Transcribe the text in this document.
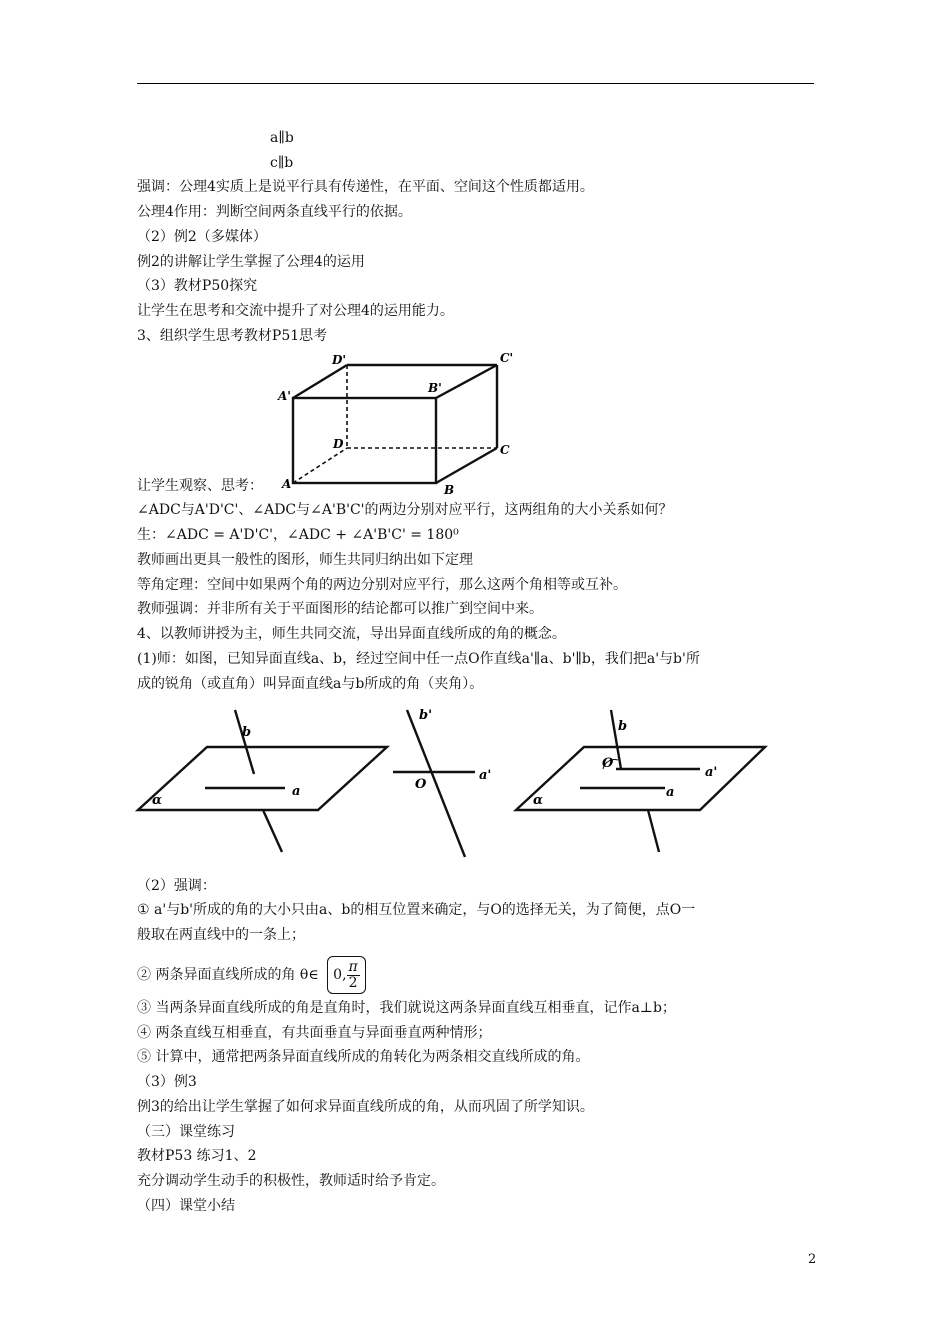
a∥b
c∥b
强调：公理4实质上是说平行具有传递性，在平面、空间这个性质都适用。
公理4作用：判断空间两条直线平行的依据。
（2）例2（多媒体）
例2的讲解让学生掌握了公理4的运用
（3）教材P50探究
让学生在思考和交流中提升了对公理4的运用能力。
3、组织学生思考教材P51思考
D'	C'
A'
B'
D	C
A	B
让学生观察、思考：
∠ADC与A'D'C'、∠ADC与∠A'B'C'的两边分别对应平行，这两组角的大小关系如何？
生：∠ADC = A'D'C'，∠ADC + ∠A'B'C' = 180⁰
教师画出更具一般性的图形，师生共同归纳出如下定理
等角定理：空间中如果两个角的两边分别对应平行，那么这两个角相等或互补。
教师强调：并非所有关于平面图形的结论都可以推广到空间中来。
4、以教师讲授为主，师生共同交流，导出异面直线所成的角的概念。
(1)师：如图，已知异面直线a、b，经过空间中任一点O作直线a'∥a、b'∥b，我们把a'与b'所
成的锐角（或直角）叫异面直线a与b所成的角（夹角）。
b
a
α
b'
O
a'
b
O
a'
a
α
（2）强调：
① a'与b'所成的角的大小只由a、b的相互位置来确定，与O的选择无关，为了简便，点O一
般取在两直线中的一条上；
② 两条异面直线所成的角 θ∈ 0, $\frac{\pi}{2}$
③ 当两条异面直线所成的角是直角时，我们就说这两条异面直线互相垂直，记作a⊥b；
④ 两条直线互相垂直，有共面垂直与异面垂直两种情形；
⑤ 计算中，通常把两条异面直线所成的角转化为两条相交直线所成的角。
（3）例3
例3的给出让学生掌握了如何求异面直线所成的角，从而巩固了所学知识。
（三）课堂练习
教材P53 练习1、2
充分调动学生动手的积极性，教师适时给予肯定。
（四）课堂小结
2
